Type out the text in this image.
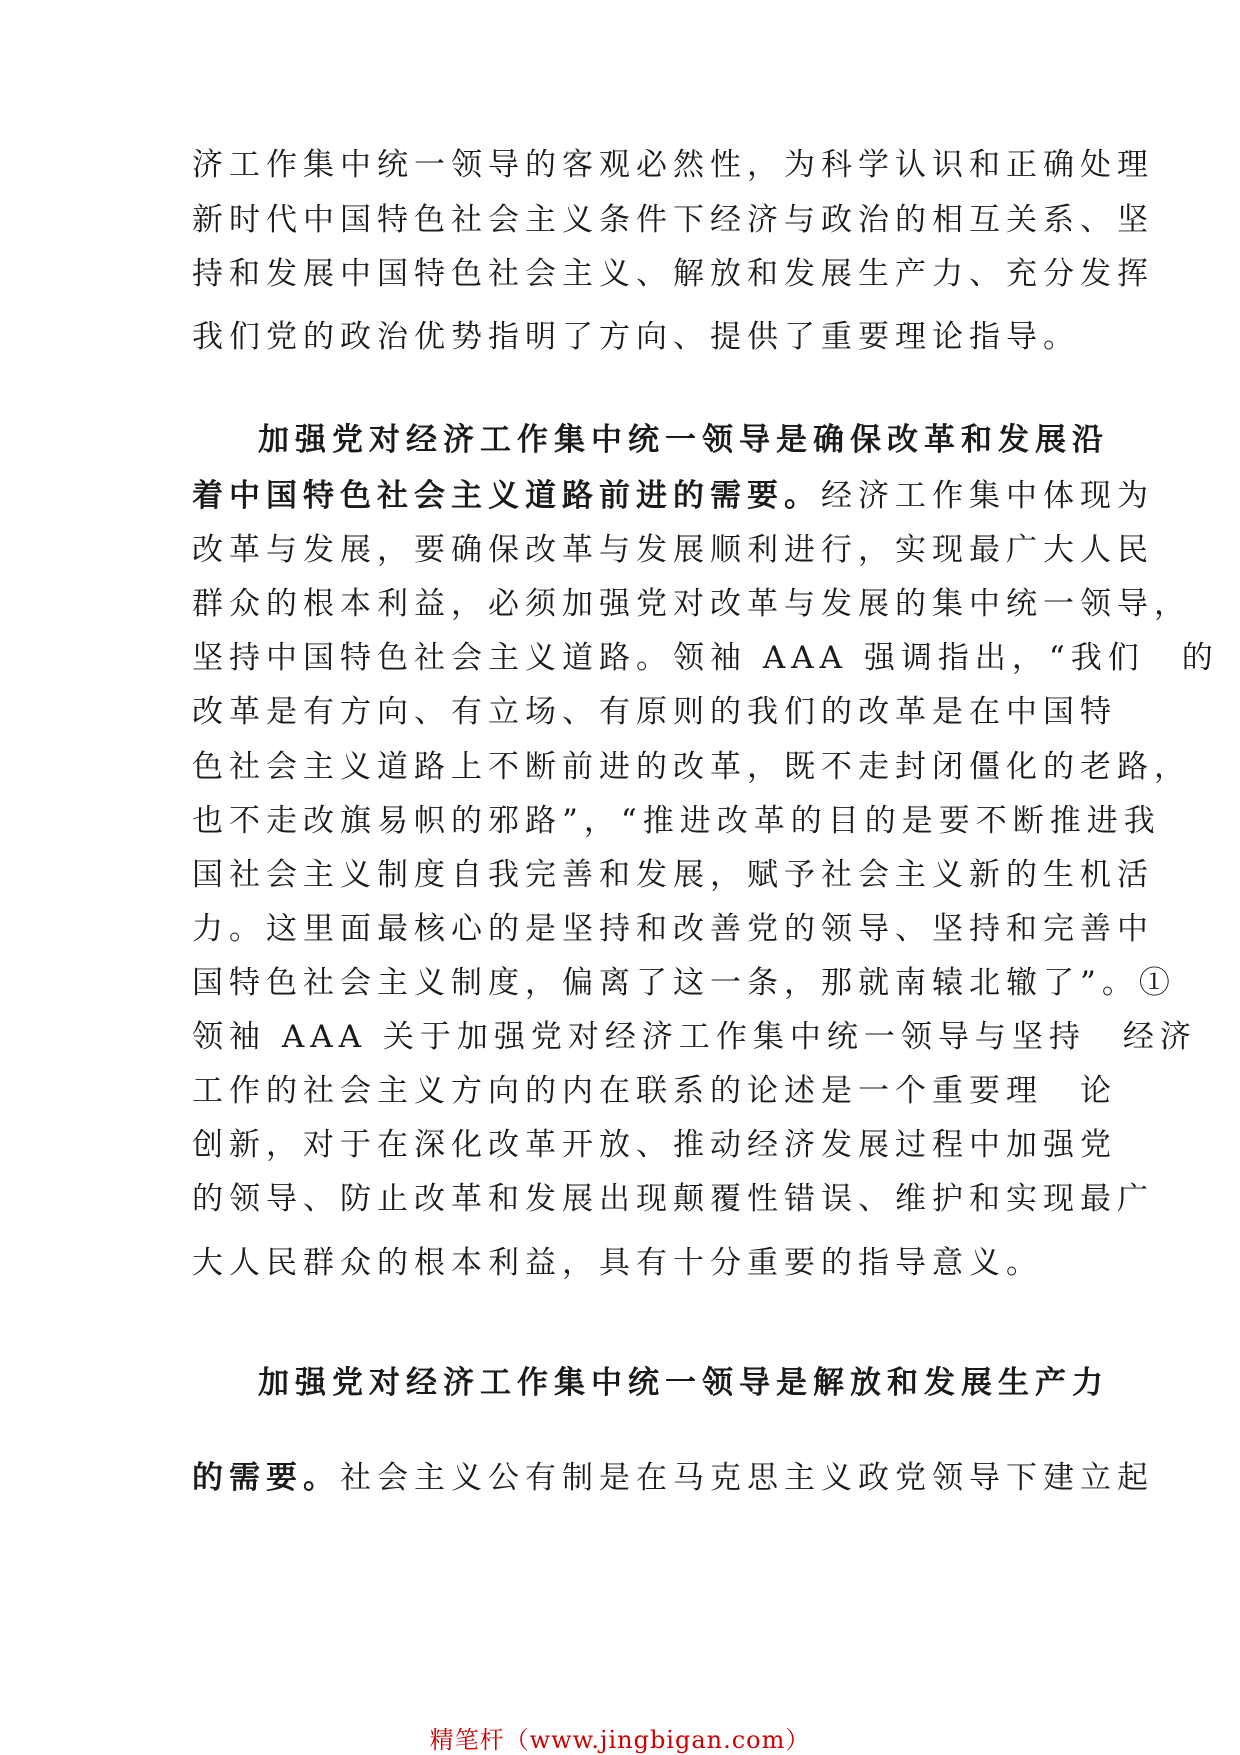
济工作集中统一领导的客观必然性，为科学认识和正确处理
新时代中国特色社会主义条件下经济与政治的相互关系、坚
持和发展中国特色社会主义、解放和发展生产力、充分发挥
我们党的政治优势指明了方向、提供了重要理论指导。
加强党对经济工作集中统一领导是确保改革和发展沿
着中国特色社会主义道路前进的需要。经济工作集中体现为
改革与发展，要确保改革与发展顺利进行，实现最广大人民
群众的根本利益，必须加强党对改革与发展的集中统一领导，
坚持中国特色社会主义道路。领袖 AAA 强调指出，“我们　的
改革是有方向、有立场、有原则的我们的改革是在中国特
色社会主义道路上不断前进的改革，既不走封闭僵化的老路，
也不走改旗易帜的邪路”，“推进改革的目的是要不断推进我
国社会主义制度自我完善和发展，赋予社会主义新的生机活
力。这里面最核心的是坚持和改善党的领导、坚持和完善中
国特色社会主义制度，偏离了这一条，那就南辕北辙了”。①
领袖 AAA 关于加强党对经济工作集中统一领导与坚持　经济
工作的社会主义方向的内在联系的论述是一个重要理　论
创新，对于在深化改革开放、推动经济发展过程中加强党
的领导、防止改革和发展出现颠覆性错误、维护和实现最广
大人民群众的根本利益，具有十分重要的指导意义。
加强党对经济工作集中统一领导是解放和发展生产力
的需要。社会主义公有制是在马克思主义政党领导下建立起
精笔杆（www.jingbigan.com）
